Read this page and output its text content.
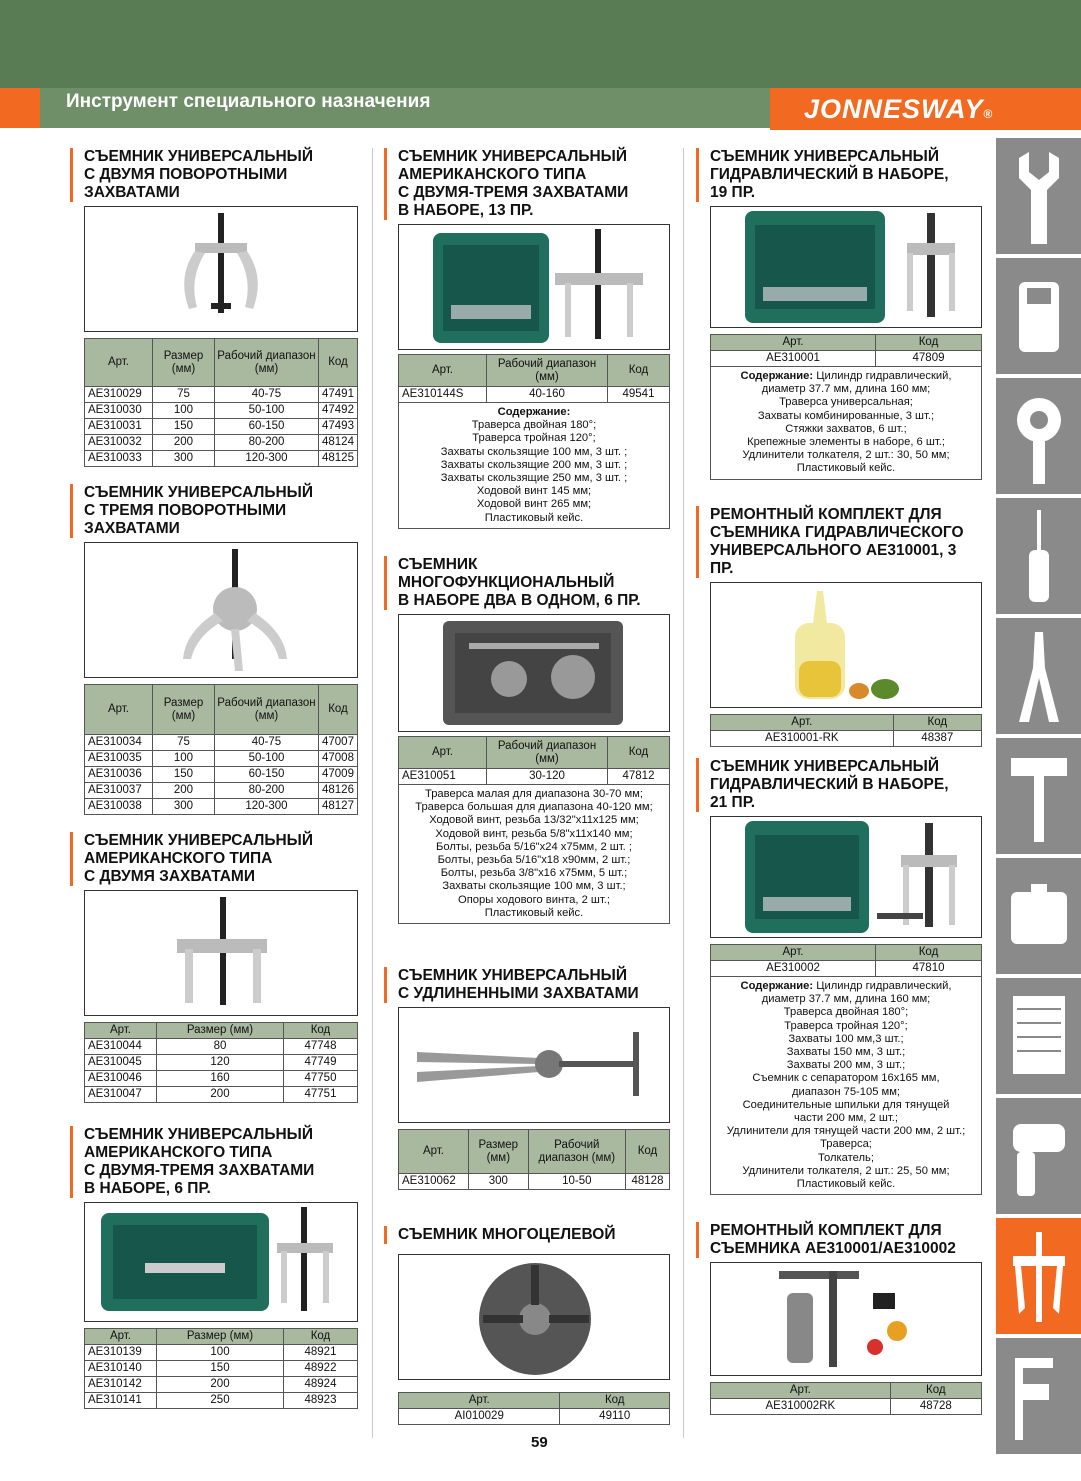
Инструмент специального назначения	JONNESWAY®
СЪЕМНИК УНИВЕРСАЛЬНЫЙ
С ДВУМЯ ПОВОРОТНЫМИ
ЗАХВАТАМИ
Арт.	Размер (мм)	Рабочий диапазон (мм)	Код
AE310029	75	40-75	47491
AE310030	100	50-100	47492
AE310031	150	60-150	47493
AE310032	200	80-200	48124
AE310033	300	120-300	48125
СЪЕМНИК УНИВЕРСАЛЬНЫЙ
С ТРЕМЯ ПОВОРОТНЫМИ
ЗАХВАТАМИ
Арт.	Размер (мм)	Рабочий диапазон (мм)	Код
AE310034	75	40-75	47007
AE310035	100	50-100	47008
AE310036	150	60-150	47009
AE310037	200	80-200	48126
AE310038	300	120-300	48127
СЪЕМНИК УНИВЕРСАЛЬНЫЙ
АМЕРИКАНСКОГО ТИПА
С ДВУМЯ ЗАХВАТАМИ
Арт.	Размер (мм)	Код
AE310044	80	47748
AE310045	120	47749
AE310046	160	47750
AE310047	200	47751
СЪЕМНИК УНИВЕРСАЛЬНЫЙ
АМЕРИКАНСКОГО ТИПА
С ДВУМЯ-ТРЕМЯ ЗАХВАТАМИ
В НАБОРЕ, 6 ПР.
Арт.	Размер (мм)	Код
AE310139	100	48921
AE310140	150	48922
AE310142	200	48924
AE310141	250	48923
СЪЕМНИК УНИВЕРСАЛЬНЫЙ
АМЕРИКАНСКОГО ТИПА
С ДВУМЯ-ТРЕМЯ ЗАХВАТАМИ
В НАБОРЕ, 13 ПР.
Арт.	Рабочий диапазон (мм)	Код
AE310144S	40-160	49541
Содержание:
Траверса двойная 180°;
Траверса тройная 120°;
Захваты скользящие 100 мм, 3 шт. ;
Захваты скользящие 200 мм, 3 шт. ;
Захваты скользящие 250 мм, 3 шт. ;
Ходовой винт 145 мм;
Ходовой винт 265 мм;
Пластиковый кейс.
СЪЕМНИК
МНОГОФУНКЦИОНАЛЬНЫЙ
В НАБОРЕ ДВА В ОДНОМ, 6 ПР.
Арт.	Рабочий диапазон (мм)	Код
AE310051	30-120	47812
Траверса малая для диапазона 30-70 мм;
Траверса большая для диапазона 40-120 мм;
Ходовой винт, резьба 13/32"x11x125 мм;
Ходовой винт, резьба 5/8"x11x140 мм;
Болты, резьба 5/16"x24 x75мм, 2 шт. ;
Болты, резьба 5/16"x18 x90мм, 2 шт.;
Болты, резьба 3/8"x16 x75мм, 5 шт.;
Захваты скользящие 100 мм, 3 шт.;
Опоры ходового винта, 2 шт.;
Пластиковый кейс.
СЪЕМНИК УНИВЕРСАЛЬНЫЙ
С УДЛИНЕННЫМИ ЗАХВАТАМИ
Арт.	Размер (мм)	Рабочий диапазон (мм)	Код
AE310062	300	10-50	48128
СЪЕМНИК МНОГОЦЕЛЕВОЙ
Арт.	Код
AI010029	49110
СЪЕМНИК УНИВЕРСАЛЬНЫЙ
ГИДРАВЛИЧЕСКИЙ В НАБОРЕ,
19 ПР.
Арт.	Код
AE310001	47809
Содержание: Цилиндр гидравлический,
диаметр 37.7 мм, длина 160 мм;
Траверса универсальная;
Захваты комбинированные, 3 шт.;
Стяжки захватов, 6 шт.;
Крепежные элементы в наборе, 6 шт.;
Удлинители толкателя, 2 шт.: 30, 50 мм;
Пластиковый кейс.
РЕМОНТНЫЙ КОМПЛЕКТ ДЛЯ
СЪЕМНИКА ГИДРАВЛИЧЕСКОГО
УНИВЕРСАЛЬНОГО AE310001, 3 ПР.
Арт.	Код
AE310001-RK	48387
СЪЕМНИК УНИВЕРСАЛЬНЫЙ
ГИДРАВЛИЧЕСКИЙ В НАБОРЕ,
21 ПР.
Арт.	Код
AE310002	47810
Содержание: Цилиндр гидравлический,
диаметр 37.7 мм, длина 160 мм;
Траверса двойная 180°;
Траверса тройная 120°;
Захваты 100 мм,3 шт.;
Захваты 150 мм, 3 шт.;
Захваты 200 мм, 3 шт.;
Съемник с сепаратором 16х165 мм,
диапазон 75-105 мм;
Соединительные шпильки для тянущей
части 200 мм, 2 шт.;
Удлинители для тянущей части 200 мм, 2 шт.;
Траверса;
Толкатель;
Удлинители толкателя, 2 шт.: 25, 50 мм;
Пластиковый кейс.
РЕМОНТНЫЙ КОМПЛЕКТ ДЛЯ
СЪЕМНИКА AE310001/AE310002
Арт.	Код
AE310002RK	48728
59
